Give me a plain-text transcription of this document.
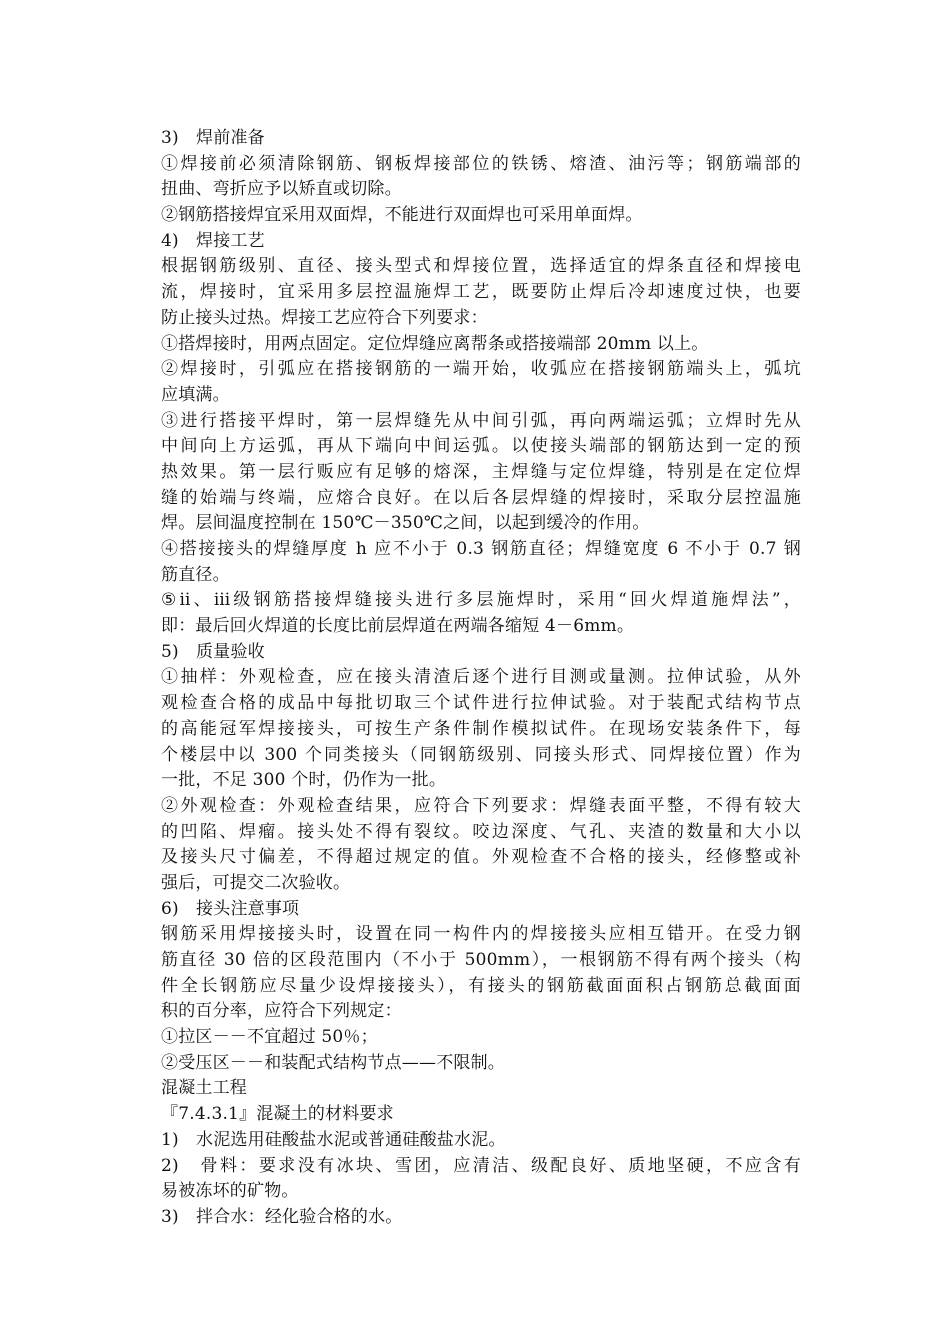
3)　焊前准备
①焊接前必须清除钢筋、钢板焊接部位的铁锈、熔渣、油污等；钢筋端部的
扭曲、弯折应予以矫直或切除。
②钢筋搭接焊宜采用双面焊，不能进行双面焊也可采用单面焊。
4)　焊接工艺
根据钢筋级别、直径、接头型式和焊接位置，选择适宜的焊条直径和焊接电
流，焊接时，宜采用多层控温施焊工艺，既要防止焊后冷却速度过快，也要
防止接头过热。焊接工艺应符合下列要求：
①搭焊接时，用两点固定。定位焊缝应离帮条或搭接端部 20mm 以上。
②焊接时，引弧应在搭接钢筋的一端开始，收弧应在搭接钢筋端头上，弧坑
应填满。
③进行搭接平焊时，第一层焊缝先从中间引弧，再向两端运弧；立焊时先从
中间向上方运弧，再从下端向中间运弧。以使接头端部的钢筋达到一定的预
热效果。第一层行贩应有足够的熔深，主焊缝与定位焊缝，特别是在定位焊
缝的始端与终端，应熔合良好。在以后各层焊缝的焊接时，采取分层控温施
焊。层间温度控制在 150℃－350℃之间，以起到缓冷的作用。
④搭接接头的焊缝厚度 h 应不小于 0.3 钢筋直径；焊缝宽度 6 不小于 0.7 钢
筋直径。
⑤ⅱ、ⅲ级钢筋搭接焊缝接头进行多层施焊时，采用“回火焊道施焊法”，
即：最后回火焊道的长度比前层焊道在两端各缩短 4－6mm。
5)　质量验收
①抽样：外观检查，应在接头清渣后逐个进行目测或量测。拉伸试验，从外
观检查合格的成品中每批切取三个试件进行拉伸试验。对于装配式结构节点
的高能冠军焊接接头，可按生产条件制作模拟试件。在现场安装条件下，每
个楼层中以 300 个同类接头（同钢筋级别、同接头形式、同焊接位置）作为
一批，不足 300 个时，仍作为一批。
②外观检查：外观检查结果，应符合下列要求：焊缝表面平整，不得有较大
的凹陷、焊瘤。接头处不得有裂纹。咬边深度、气孔、夹渣的数量和大小以
及接头尺寸偏差，不得超过规定的值。外观检查不合格的接头，经修整或补
强后，可提交二次验收。
6)　接头注意事项
钢筋采用焊接接头时，设置在同一构件内的焊接接头应相互错开。在受力钢
筋直径 30 倍的区段范围内（不小于 500mm），一根钢筋不得有两个接头（构
件全长钢筋应尽量少设焊接接头），有接头的钢筋截面面积占钢筋总截面面
积的百分率，应符合下列规定：
①拉区－－不宜超过 50％；
②受压区－－和装配式结构节点——不限制。
混凝土工程
『7.4.3.1』混凝土的材料要求
1)　水泥选用硅酸盐水泥或普通硅酸盐水泥。
2)　骨料：要求没有冰块、雪团，应清洁、级配良好、质地坚硬，不应含有
易被冻坏的矿物。
3)　拌合水：经化验合格的水。
